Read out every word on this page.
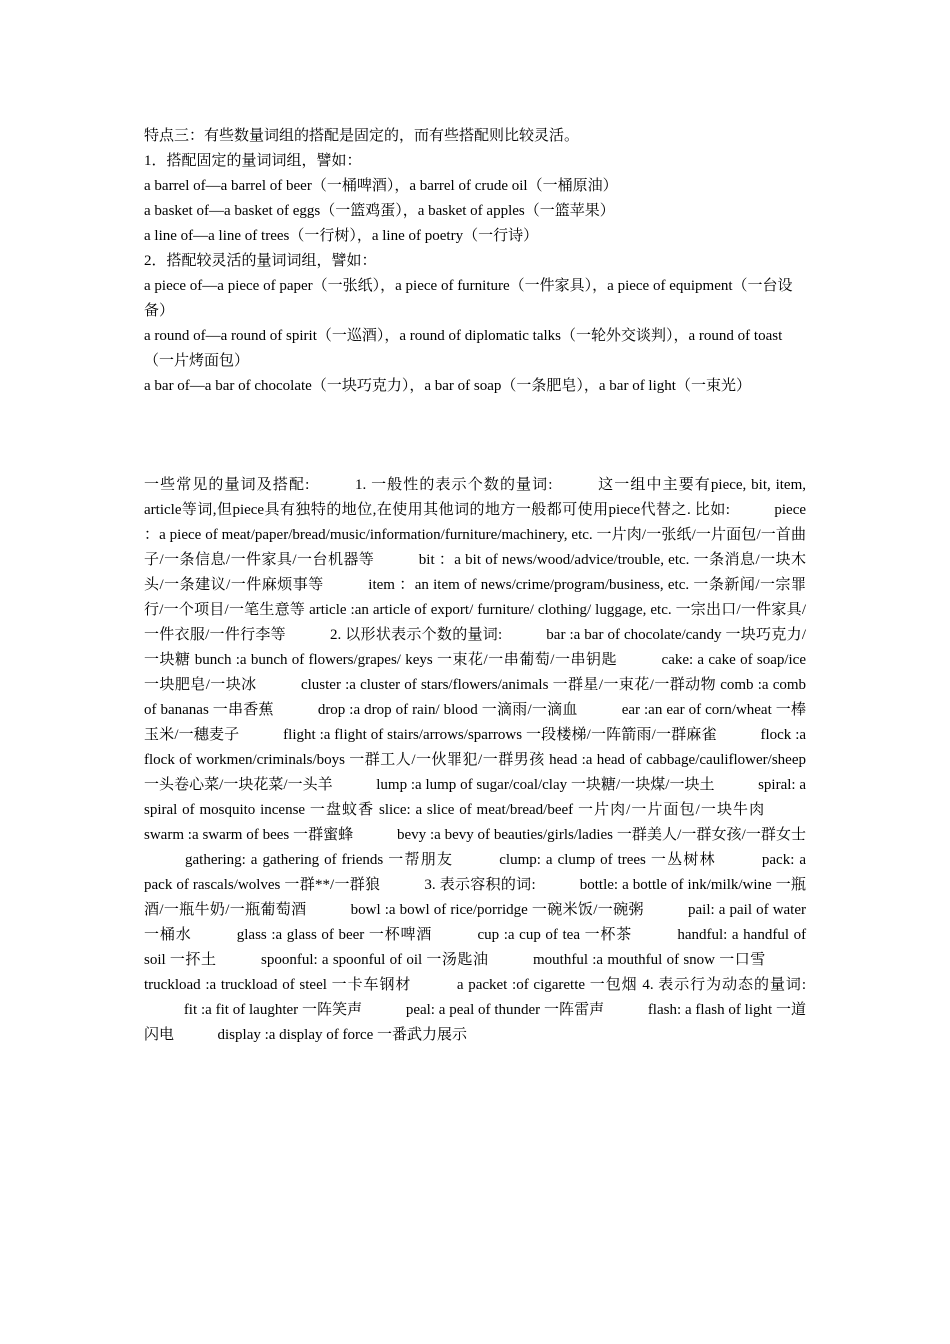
特点三：有些数量词组的搭配是固定的，而有些搭配则比较灵活。

1．搭配固定的量词词组，譬如：

a barrel of—a barrel of beer（一桶啤酒），a barrel of crude oil（一桶原油）

a basket of—a basket of eggs（一篮鸡蛋），a basket of apples（一篮苹果）

a line of—a line of trees（一行树），a line of poetry（一行诗）

2．搭配较灵活的量词词组，譬如：

a piece of—a piece of paper（一张纸），a piece of furniture（一件家具），a piece of equipment（一台设备）

a round of—a round of spirit（一巡酒），a round of diplomatic talks（一轮外交谈判），a round of toast（一片烤面包）

a bar of—a bar of chocolate（一块巧克力），a bar of soap（一条肥皂），a bar of light（一束光）

一些常见的量词及搭配:	1. 一般性的表示个数的量词:	这一组中主要有piece, bit, item, article等词,但piece具有独特的地位,在使用其他词的地方一般都可使用piece代替之. 比如:	piece ：a piece of meat/paper/bread/music/information/furniture/machinery, etc. 一片肉/一张纸/一片面包/一首曲子/一条信息/一件家具/一台机器等	bit ：a bit of news/wood/advice/trouble, etc. 一条消息/一块木头/一条建议/一件麻烦事等	item ：an item of news/crime/program/business, etc. 一条新闻/一宗罪行/一个项目/一笔生意等 article :an article of export/ furniture/ clothing/ luggage, etc. 一宗出口/一件家具/一件衣服/一件行李等	2. 以形状表示个数的量词:	bar :a bar of chocolate/candy 一块巧克力/一块糖 bunch :a bunch of flowers/grapes/ keys 一束花/一串葡萄/一串钥匙	cake: a cake of soap/ice 一块肥皂/一块冰	cluster :a cluster of stars/flowers/animals 一群星/一束花/一群动物 comb :a comb of bananas 一串香蕉	drop :a drop of rain/ blood 一滴雨/一滴血	ear :an ear of corn/wheat 一棒玉米/一穗麦子	flight :a flight of stairs/arrows/sparrows 一段楼梯/一阵箭雨/一群麻雀	flock :a flock of workmen/criminals/boys 一群工人/一伙罪犯/一群男孩 head :a head of cabbage/cauliflower/sheep 一头卷心菜/一块花菜/一头羊	lump :a lump of sugar/coal/clay 一块糖/一块煤/一块土	spiral: a spiral of mosquito incense 一盘蚊香 slice: a slice of meat/bread/beef 一片肉/一片面包/一块牛肉  swarm :a swarm of bees 一群蜜蜂	bevy :a bevy of beauties/girls/ladies 一群美人/一群女孩/一群女士  gathering: a gathering of friends 一帮朋友	clump: a clump of trees 一丛树林	pack: a pack of rascals/wolves 一群**/一群狼	3. 表示容积的词:	bottle: a bottle of ink/milk/wine 一瓶酒/一瓶牛奶/一瓶葡萄酒	bowl :a bowl of rice/porridge 一碗米饭/一碗粥	pail: a pail of water 一桶水	glass :a glass of beer 一杯啤酒	cup :a cup of tea 一杯茶	handful: a handful of soil 一抔土	spoonful: a spoonful of oil 一汤匙油	mouthful :a mouthful of snow 一口雪  truckload :a truckload of steel 一卡车钢材	a packet :of cigarette 一包烟 4. 表示行为动态的量词:  fit :a fit of laughter 一阵笑声	peal: a peal of thunder 一阵雷声	flash: a flash of light 一道闪电	display :a display of force 一番武力展示
